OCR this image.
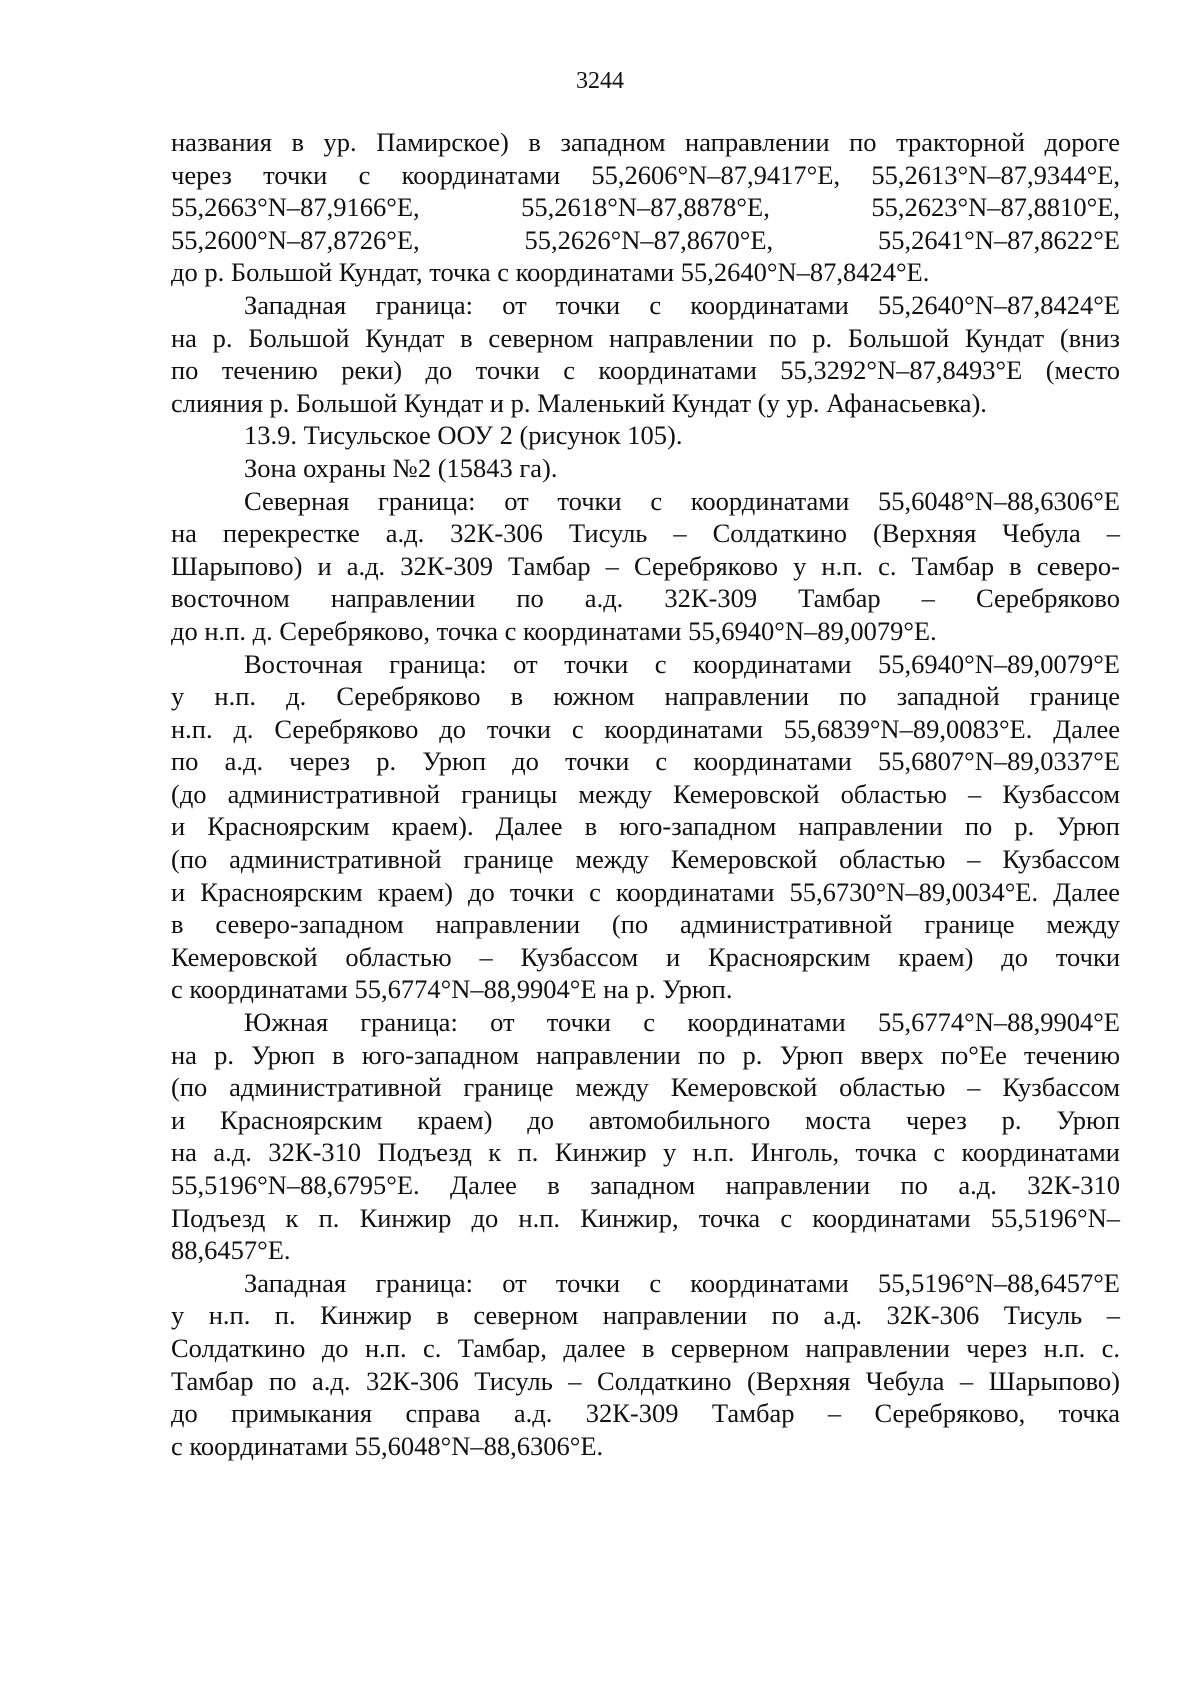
3244
названия в ур. Памирское) в западном направлении по тракторной дороге
через точки с координатами 55,2606°N–87,9417°E, 55,2613°N–87,9344°E,
55,2663°N–87,9166°E, 55,2618°N–87,8878°E, 55,2623°N–87,8810°E,
55,2600°N–87,8726°E, 55,2626°N–87,8670°E, 55,2641°N–87,8622°E
до р. Большой Кундат, точка с координатами 55,2640°N–87,8424°E.
Западная граница: от точки с координатами 55,2640°N–87,8424°E
на р. Большой Кундат в северном направлении по р. Большой Кундат (вниз
по течению реки) до точки с координатами 55,3292°N–87,8493°E (место
слияния р. Большой Кундат и р. Маленький Кундат (у ур. Афанасьевка).
13.9. Тисульское ООУ 2 (рисунок 105).
Зона охраны №2 (15843 га).
Северная граница: от точки с координатами 55,6048°N–88,6306°E
на перекрестке а.д. 32К-306 Тисуль – Солдаткино (Верхняя Чебула –
Шарыпово) и а.д. 32К-309 Тамбар – Серебряково у н.п. с. Тамбар в северо-
восточном направлении по а.д. 32К-309 Тамбар – Серебряково
до н.п. д. Серебряково, точка с координатами 55,6940°N–89,0079°E.
Восточная граница: от точки с координатами 55,6940°N–89,0079°E
у н.п. д. Серебряково в южном направлении по западной границе
н.п. д. Серебряково до точки с координатами 55,6839°N–89,0083°E. Далее
по а.д. через р. Урюп до точки с координатами 55,6807°N–89,0337°E
(до административной границы между Кемеровской областью – Кузбассом
и Красноярским краем). Далее в юго-западном направлении по р. Урюп
(по административной границе между Кемеровской областью – Кузбассом
и Красноярским краем) до точки с координатами 55,6730°N–89,0034°E. Далее
в северо-западном направлении (по административной границе между
Кемеровской областью – Кузбассом и Красноярским краем) до точки
с координатами 55,6774°N–88,9904°E на р. Урюп.
Южная граница: от точки с координатами 55,6774°N–88,9904°E
на р. Урюп в юго-западном направлении по р. Урюп вверх по°Ее течению
(по административной границе между Кемеровской областью – Кузбассом
и Красноярским краем) до автомобильного моста через р. Урюп
на а.д. 32К-310 Подъезд к п. Кинжир у н.п. Инголь, точка с координатами
55,5196°N–88,6795°E. Далее в западном направлении по а.д. 32К-310
Подъезд к п. Кинжир до н.п. Кинжир, точка с координатами 55,5196°N–
88,6457°E.
Западная граница: от точки с координатами 55,5196°N–88,6457°E
у н.п. п. Кинжир в северном направлении по а.д. 32К-306 Тисуль –
Солдаткино до н.п. с. Тамбар, далее в серверном направлении через н.п. с.
Тамбар по а.д. 32К-306 Тисуль – Солдаткино (Верхняя Чебула – Шарыпово)
до примыкания справа а.д. 32К-309 Тамбар – Серебряково, точка
с координатами 55,6048°N–88,6306°E.
